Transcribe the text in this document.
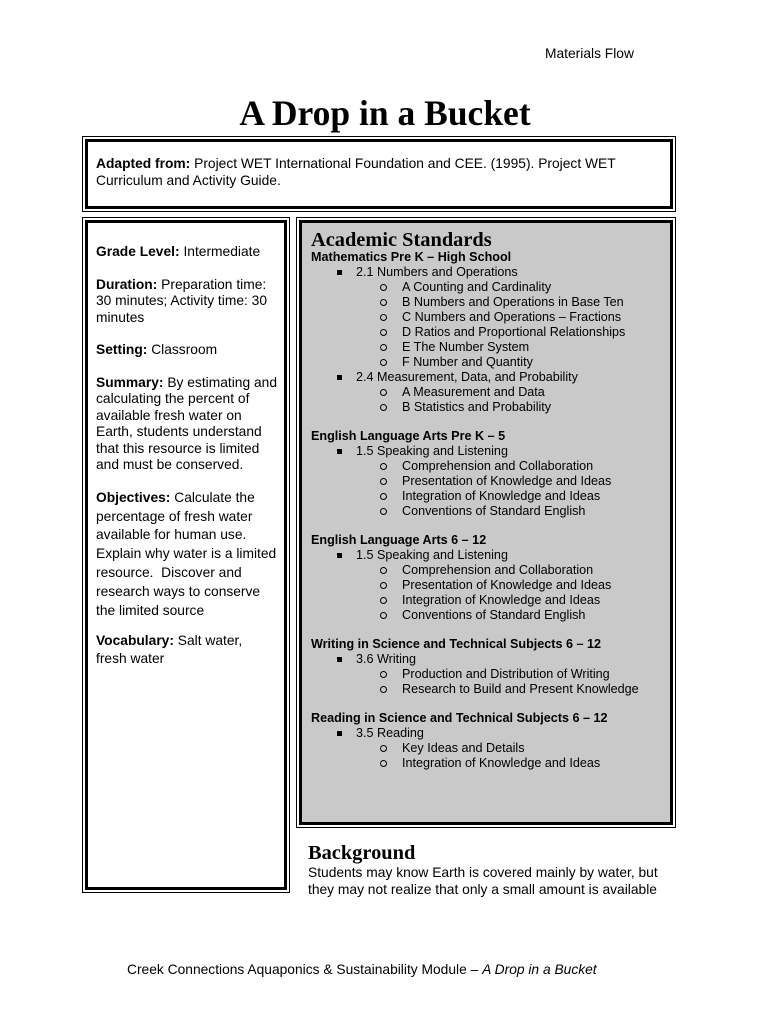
Materials Flow
A Drop in a Bucket

Adapted from: Project WET International Foundation and CEE. (1995). Project WET Curriculum and Activity Guide.

Grade Level: Intermediate

Duration: Preparation time:
30 minutes; Activity time: 30
minutes

Setting: Classroom

Summary: By estimating and
calculating the percent of
available fresh water on
Earth, students understand
that this resource is limited
and must be conserved.

Objectives: Calculate the
percentage of fresh water
available for human use.
Explain why water is a limited
resource.  Discover and
research ways to conserve
the limited source

Vocabulary: Salt water,
fresh water

Academic Standards
Mathematics Pre K – High School
2.1 Numbers and Operations
A Counting and Cardinality
B Numbers and Operations in Base Ten
C Numbers and Operations – Fractions
D Ratios and Proportional Relationships
E The Number System
F Number and Quantity
2.4 Measurement, Data, and Probability
A Measurement and Data
B Statistics and Probability
English Language Arts Pre K – 5
1.5 Speaking and Listening
Comprehension and Collaboration
Presentation of Knowledge and Ideas
Integration of Knowledge and Ideas
Conventions of Standard English
English Language Arts 6 – 12
1.5 Speaking and Listening
Comprehension and Collaboration
Presentation of Knowledge and Ideas
Integration of Knowledge and Ideas
Conventions of Standard English
Writing in Science and Technical Subjects 6 – 12
3.6 Writing
Production and Distribution of Writing
Research to Build and Present Knowledge
Reading in Science and Technical Subjects 6 – 12
3.5 Reading
Key Ideas and Details
Integration of Knowledge and Ideas
Background

Students may know Earth is covered mainly by water, but they may not realize that only a small amount is available

Creek Connections Aquaponics & Sustainability Module – A Drop in a Bucket
